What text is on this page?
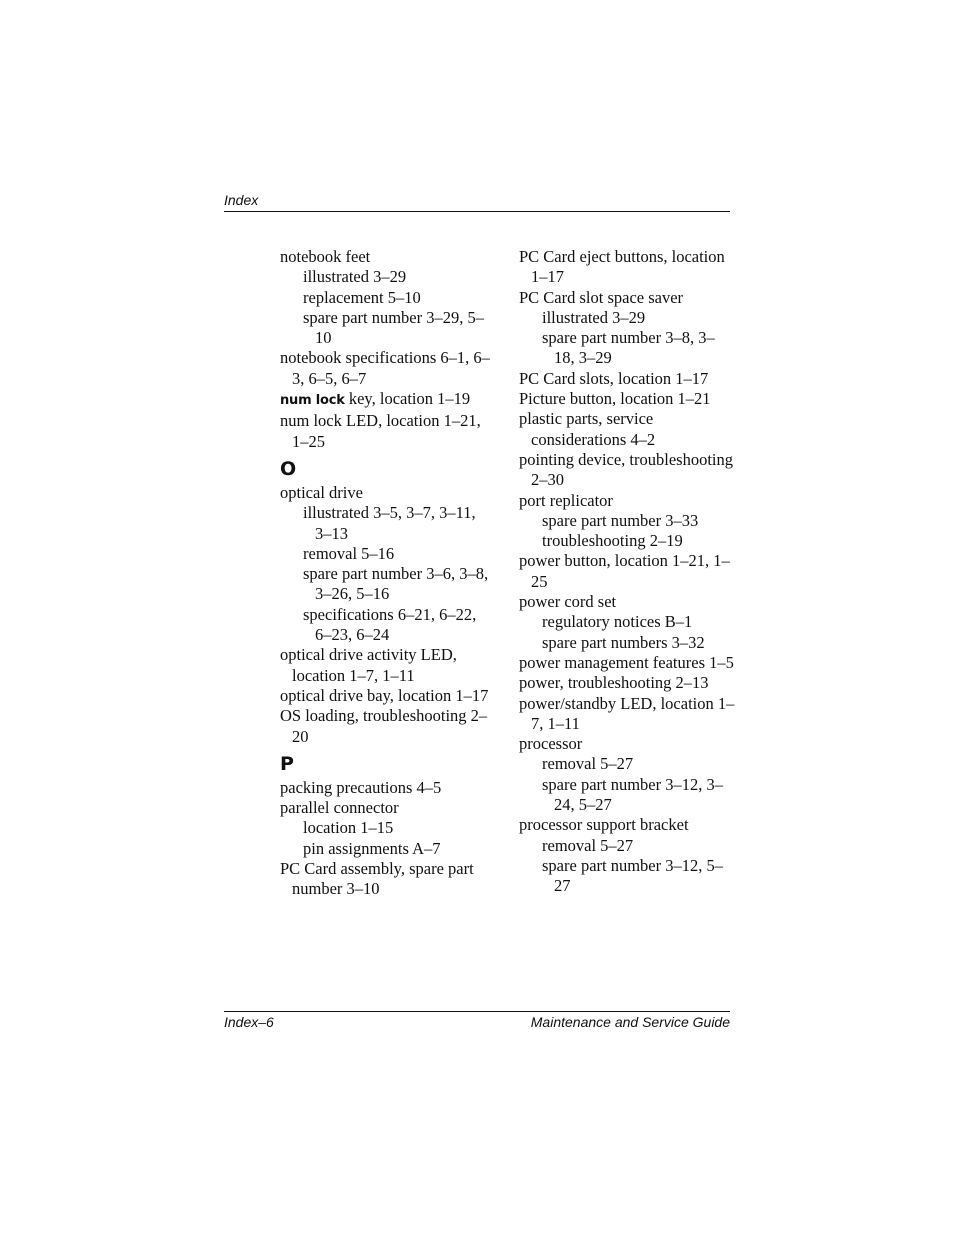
Index

notebook feet

illustrated 3–29

replacement 5–10

spare part number 3–29, 5–10

notebook specifications 6–1, 6–3, 6–5, 6–7

num lock key, location 1–19

num lock LED, location 1–21, 1–25

O

optical drive

illustrated 3–5, 3–7, 3–11, 3–13

removal 5–16

spare part number 3–6, 3–8, 3–26, 5–16

specifications 6–21, 6–22, 6–23, 6–24

optical drive activity LED, location 1–7, 1–11

optical drive bay, location 1–17

OS loading, troubleshooting 2–20

P

packing precautions 4–5

parallel connector

location 1–15

pin assignments A–7

PC Card assembly, spare part number 3–10

PC Card eject buttons, location 1–17

PC Card slot space saver

illustrated 3–29

spare part number 3–8, 3–18, 3–29

PC Card slots, location 1–17

Picture button, location 1–21

plastic parts, service considerations 4–2

pointing device, troubleshooting 2–30

port replicator

spare part number 3–33

troubleshooting 2–19

power button, location 1–21, 1–25

power cord set

regulatory notices B–1

spare part numbers 3–32

power management features 1–5

power, troubleshooting 2–13

power/standby LED, location 1–7, 1–11

processor

removal 5–27

spare part number 3–12, 3–24, 5–27

processor support bracket

removal 5–27

spare part number 3–12, 5–27

Index–6	Maintenance and Service Guide
